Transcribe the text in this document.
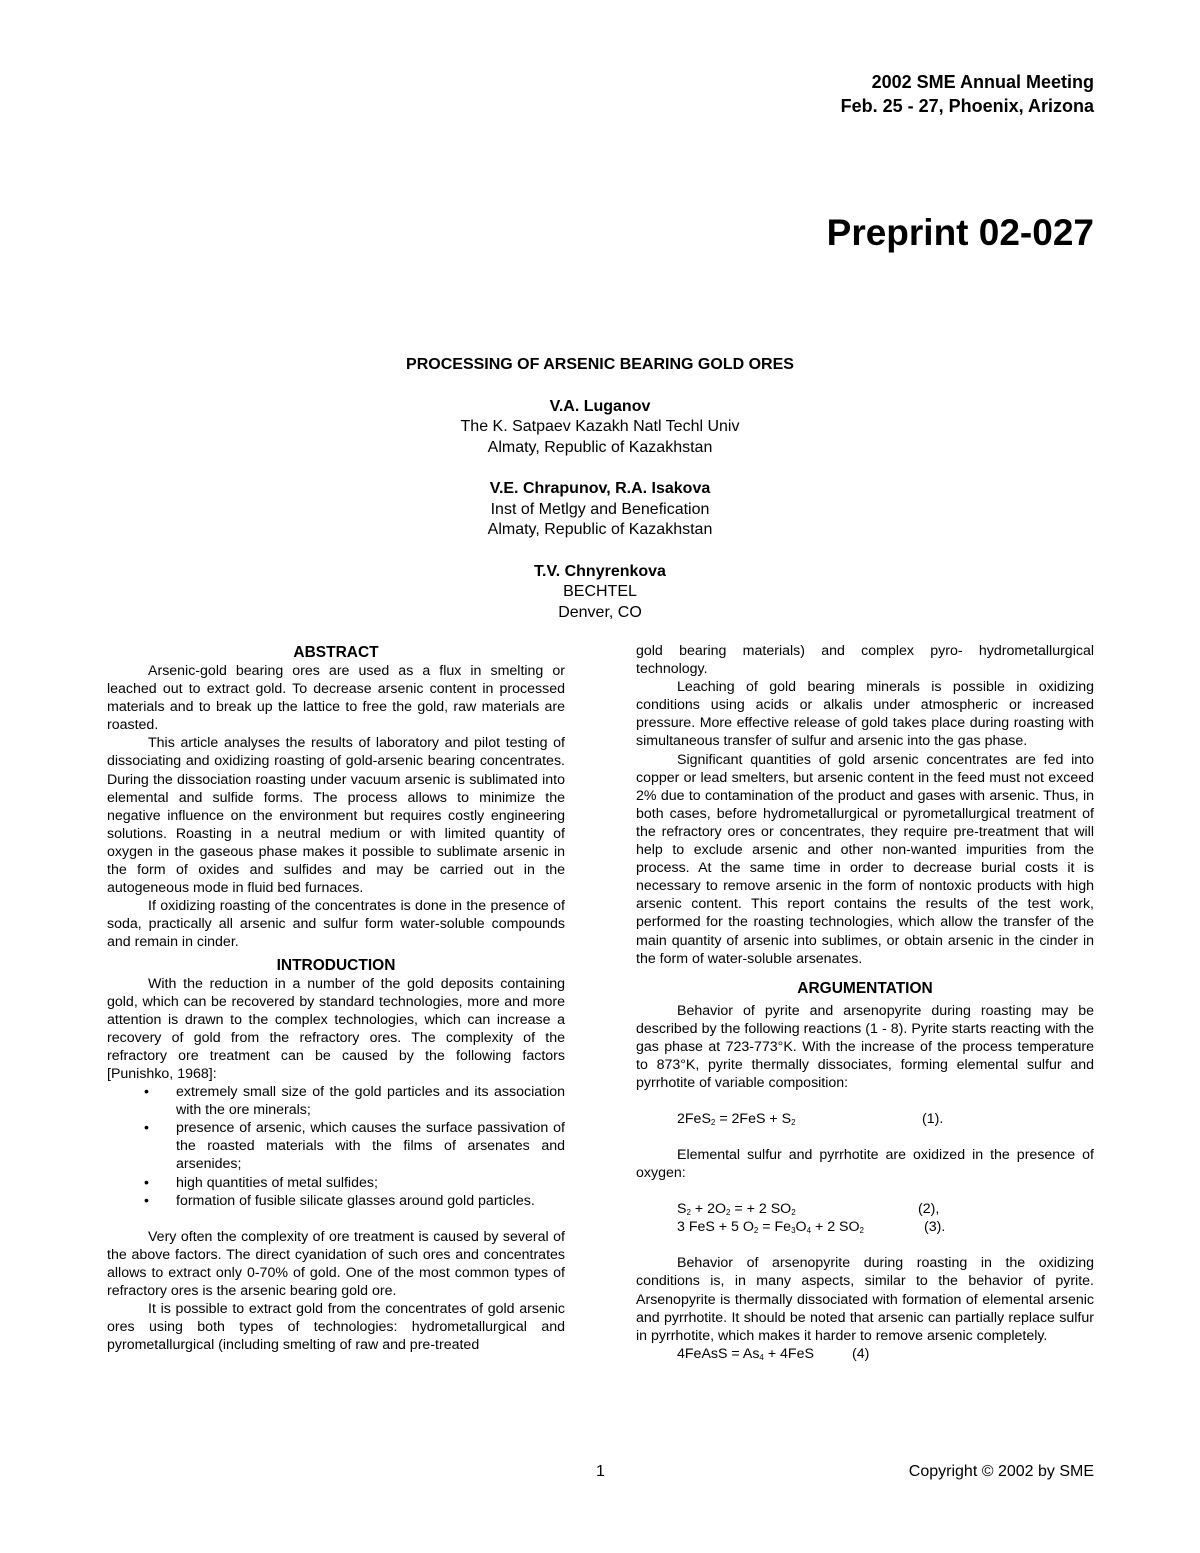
2002 SME Annual Meeting
Feb. 25 - 27, Phoenix, Arizona
Preprint 02-027
PROCESSING OF ARSENIC BEARING GOLD ORES
V.A. Luganov
The K. Satpaev Kazakh Natl Techl Univ
Almaty, Republic of Kazakhstan
V.E. Chrapunov, R.A. Isakova
Inst of Metlgy and Benefication
Almaty, Republic of Kazakhstan
T.V. Chnyrenkova
BECHTEL
Denver, CO
ABSTRACT

Arsenic-gold bearing ores are used as a flux in smelting or leached out to extract gold. To decrease arsenic content in processed materials and to break up the lattice to free the gold, raw materials are roasted.

This article analyses the results of laboratory and pilot testing of dissociating and oxidizing roasting of gold-arsenic bearing concentrates. During the dissociation roasting under vacuum arsenic is sublimated into elemental and sulfide forms. The process allows to minimize the negative influence on the environment but requires costly engineering solutions. Roasting in a neutral medium or with limited quantity of oxygen in the gaseous phase makes it possible to sublimate arsenic in the form of oxides and sulfides and may be carried out in the autogeneous mode in fluid bed furnaces.

If oxidizing roasting of the concentrates is done in the presence of soda, practically all arsenic and sulfur form water-soluble compounds and remain in cinder.

INTRODUCTION

With the reduction in a number of the gold deposits containing gold, which can be recovered by standard technologies, more and more attention is drawn to the complex technologies, which can increase a recovery of gold from the refractory ores. The complexity of the refractory ore treatment can be caused by the following factors [Punishko, 1968]:

• extremely small size of the gold particles and its association with the ore minerals;
• presence of arsenic, which causes the surface passivation of the roasted materials with the films of arsenates and arsenides;
• high quantities of metal sulfides;
• formation of fusible silicate glasses around gold particles.

Very often the complexity of ore treatment is caused by several of the above factors. The direct cyanidation of such ores and concentrates allows to extract only 0-70% of gold. One of the most common types of refractory ores is the arsenic bearing gold ore.

It is possible to extract gold from the concentrates of gold arsenic ores using both types of technologies: hydrometallurgical and pyrometallurgical (including smelting of raw and pre-treated

gold bearing materials) and complex pyro- hydrometallurgical technology.

Leaching of gold bearing minerals is possible in oxidizing conditions using acids or alkalis under atmospheric or increased pressure. More effective release of gold takes place during roasting with simultaneous transfer of sulfur and arsenic into the gas phase.

Significant quantities of gold arsenic concentrates are fed into copper or lead smelters, but arsenic content in the feed must not exceed 2% due to contamination of the product and gases with arsenic. Thus, in both cases, before hydrometallurgical or pyrometallurgical treatment of the refractory ores or concentrates, they require pre-treatment that will help to exclude arsenic and other non-wanted impurities from the process. At the same time in order to decrease burial costs it is necessary to remove arsenic in the form of nontoxic products with high arsenic content. This report contains the results of the test work, performed for the roasting technologies, which allow the transfer of the main quantity of arsenic into sublimes, or obtain arsenic in the cinder in the form of water-soluble arsenates.

ARGUMENTATION

Behavior of pyrite and arsenopyrite during roasting may be described by the following reactions (1 - 8). Pyrite starts reacting with the gas phase at 723-773°K. With the increase of the process temperature to 873°K, pyrite thermally dissociates, forming elemental sulfur and pyrrhotite of variable composition:

$2FeS_2 = 2FeS + S_2$	(1).

Elemental sulfur and pyrrhotite are oxidized in the presence of oxygen:

$S_2 + 2O_2$ = + 2 $SO_2$	(2),
3 FeS + 5 $O_2 = Fe_3O_4 + 2$ $SO_2$	(3).

Behavior of arsenopyrite during roasting in the oxidizing conditions is, in many aspects, similar to the behavior of pyrite. Arsenopyrite is thermally dissociated with formation of elemental arsenic and pyrrhotite. It should be noted that arsenic can partially replace sulfur in pyrrhotite, which makes it harder to remove arsenic completely.

4FeAsS = $As_4 + 4FeS$	(4)
1	Copyright © 2002 by SME
